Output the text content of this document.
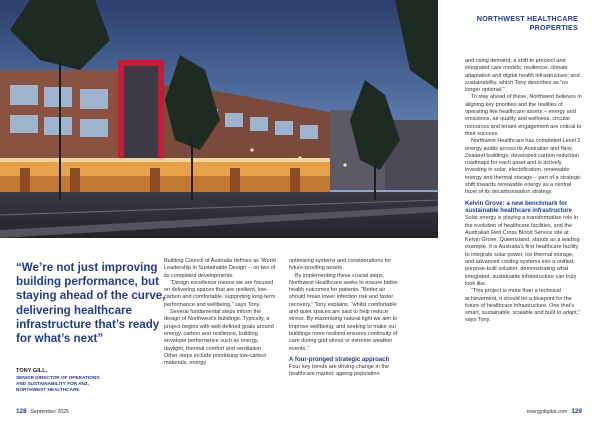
NORTHWEST HEALTHCARE
PROPERTIES
“We’re not just improving building performance, but staying ahead of the curve, delivering healthcare infrastructure that’s ready for what’s next”
TONY GILL,
SENIOR DIRECTOR OF OPERATIONS
AND SUSTAINABILITY FOR ANZ,
NORTHWEST HEALTHCARE

Building Council of Australia defines as ‘World Leadership in Sustainable Design’ – on two of its completed developments.

“Design excellence means we are focused on delivering spaces that are resilient, low-carbon and comfortable, supporting long-term performance and wellbeing,” says Tony.

Several fundamental steps inform the design of Northwest’s buildings. Typically, a project begins with well-defined goals around energy, carbon and resilience, building envelope performance such as energy, daylight, thermal comfort and ventilation. Other steps include prioritising low-carbon materials, energy

optimising systems and considerations for future-proofing assets.

By implementing these crucial steps, Northwest Healthcare seeks to ensure better health outcomes for patients. “Better air should mean lower infection risk and faster recovery,” Tony explains, “whilst comfortable and quiet spaces are said to help reduce stress. By maximising natural light we aim to improve wellbeing, and seeking to make our buildings more resilient ensures continuity of care during grid stress or extreme weather events.”

A four-pronged strategic approach

Four key trends are driving change in the healthcare market: ageing population

and rising demand; a shift to precinct and integrated care models; resilience; climate adaptation and digital health infrastructure; and sustainability, which Tony describes as “no longer optional.”

To stay ahead of these, Northwest believes in aligning key priorities and the realities of operating live healthcare assets – energy and emissions, air quality and wellness, circular resources and tenant engagement are critical to their success.

Northwest Healthcare has completed Level 2 energy audits across its Australian and New Zealand buildings, developed carbon reduction roadmaps for each asset and is actively investing in solar, electrification, renewable energy and thermal storage – part of a strategic shift towards renewable energy as a central facet of its decarbonisation strategy.

Kelvin Grove: a new benchmark for sustainable healthcare infrastructure

Solar energy is playing a transformative role in the evolution of healthcare facilities, and the Australian Red Cross Blood Service site at Kelvin Grove, Queensland, stands as a leading example. It is Australia’s first healthcare facility to integrate solar power, ice thermal storage, and advanced cooling systems into a unified, purpose-built solution, demonstrating what integrated, sustainable infrastructure can truly look like.

“This project is more than a technical achievement, it should be a blueprint for the future of healthcare infrastructure. One that’s smart, sustainable, scalable and built to adapt,” says Tony.

128 September 2025	energydigital.com 129
